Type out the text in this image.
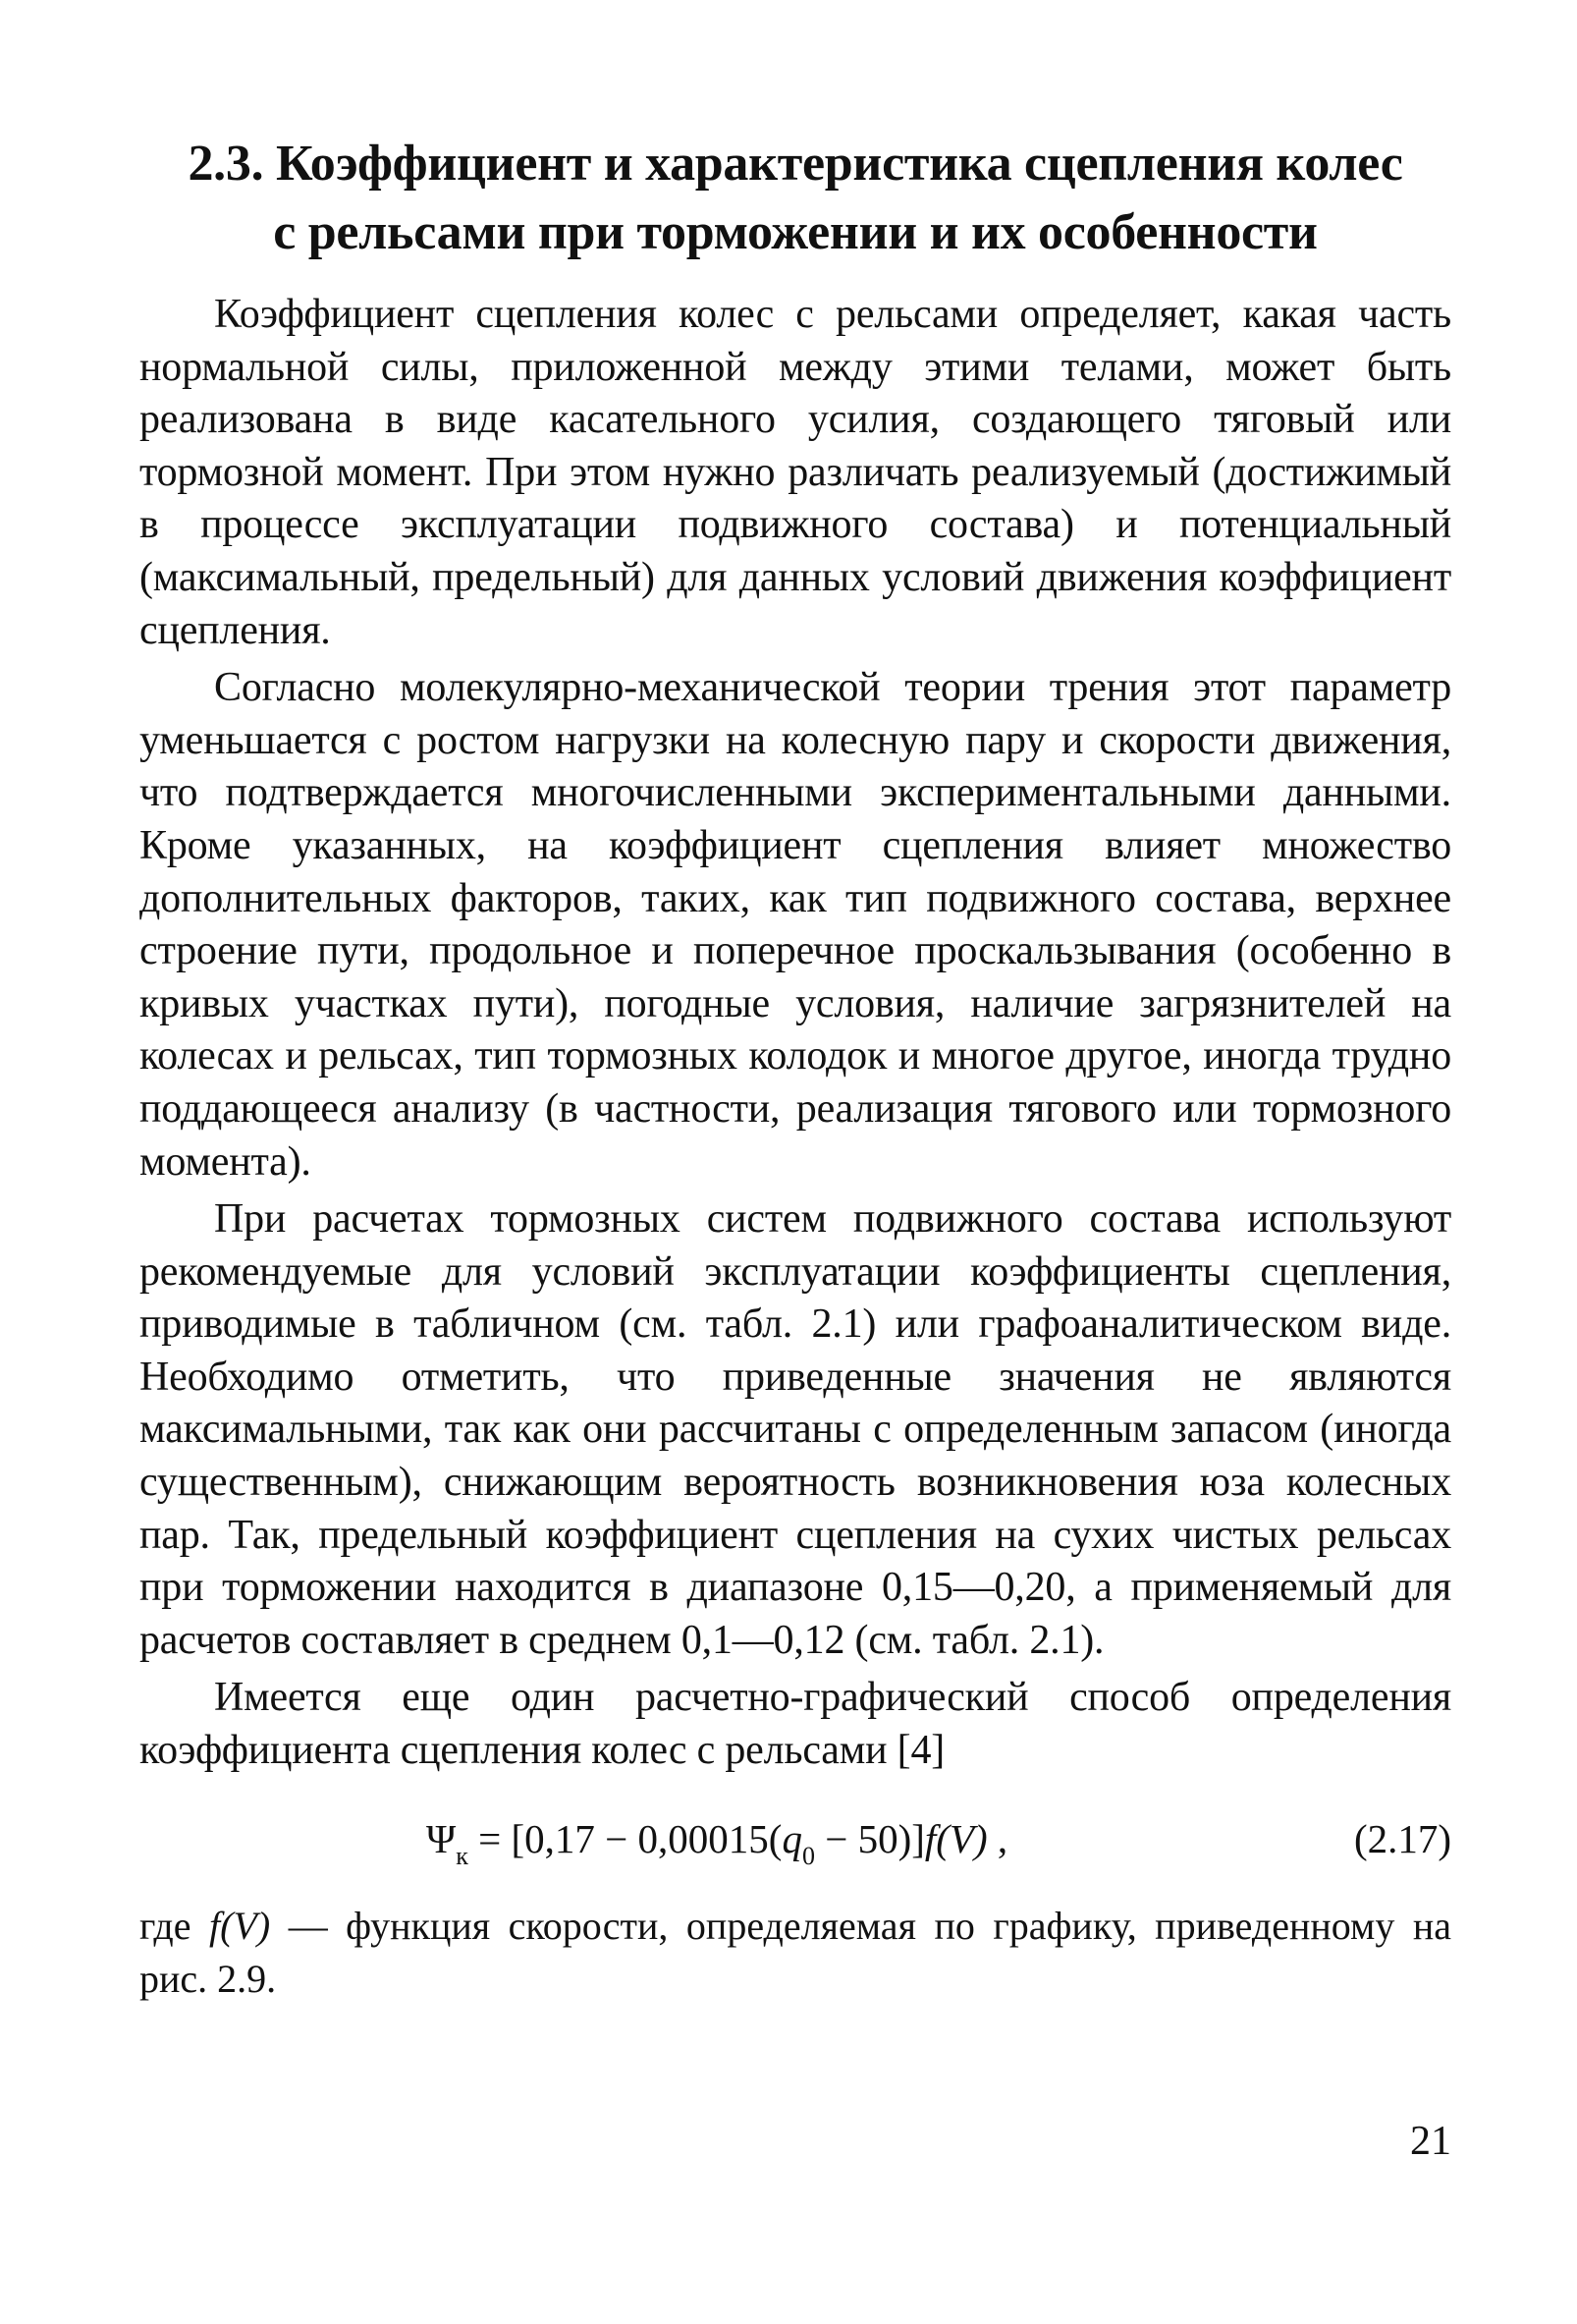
2.3. Коэффициент и характеристика сцепления колес
с рельсами при торможении и их особенности

Коэффициент сцепления колес с рельсами определяет, какая часть нормальной силы, приложенной между этими телами, может быть реализована в виде касательного усилия, создающего тяговый или тормозной момент. При этом нужно различать реализуемый (достижимый в процессе эксплуатации подвижного состава) и потенциальный (максимальный, предельный) для данных условий движения коэффициент сцепления.

Согласно молекулярно-механической теории трения этот параметр уменьшается с ростом нагрузки на колесную пару и скорости движения, что подтверждается многочисленными экспериментальными данными. Кроме указанных, на коэффициент сцепления влияет множество дополнительных факторов, таких, как тип подвижного состава, верхнее строение пути, продольное и поперечное проскальзывания (особенно в кривых участках пути), погодные условия, наличие загрязнителей на колесах и рельсах, тип тормозных колодок и многое другое, иногда трудно поддающееся анализу (в частности, реализация тягового или тормозного момента).

При расчетах тормозных систем подвижного состава используют рекомендуемые для условий эксплуатации коэффициенты сцепления, приводимые в табличном (см. табл. 2.1) или графоаналитическом виде. Необходимо отметить, что приведенные значения не являются максимальными, так как они рассчитаны с определенным запасом (иногда существенным), снижающим вероятность возникновения юза колесных пар. Так, предельный коэффициент сцепления на сухих чистых рельсах при торможении находится в диапазоне 0,15—0,20, а применяемый для расчетов составляет в среднем 0,1—0,12 (см. табл. 2.1).

Имеется еще один расчетно-графический способ определения коэффициента сцепления колес с рельсами [4]

$\Psi_к = [0,17 - 0,00015(q_0 - 50)]f(V)$ ,	(2.17)

где f(V) — функция скорости, определяемая по графику, приведенному на рис. 2.9.

21
